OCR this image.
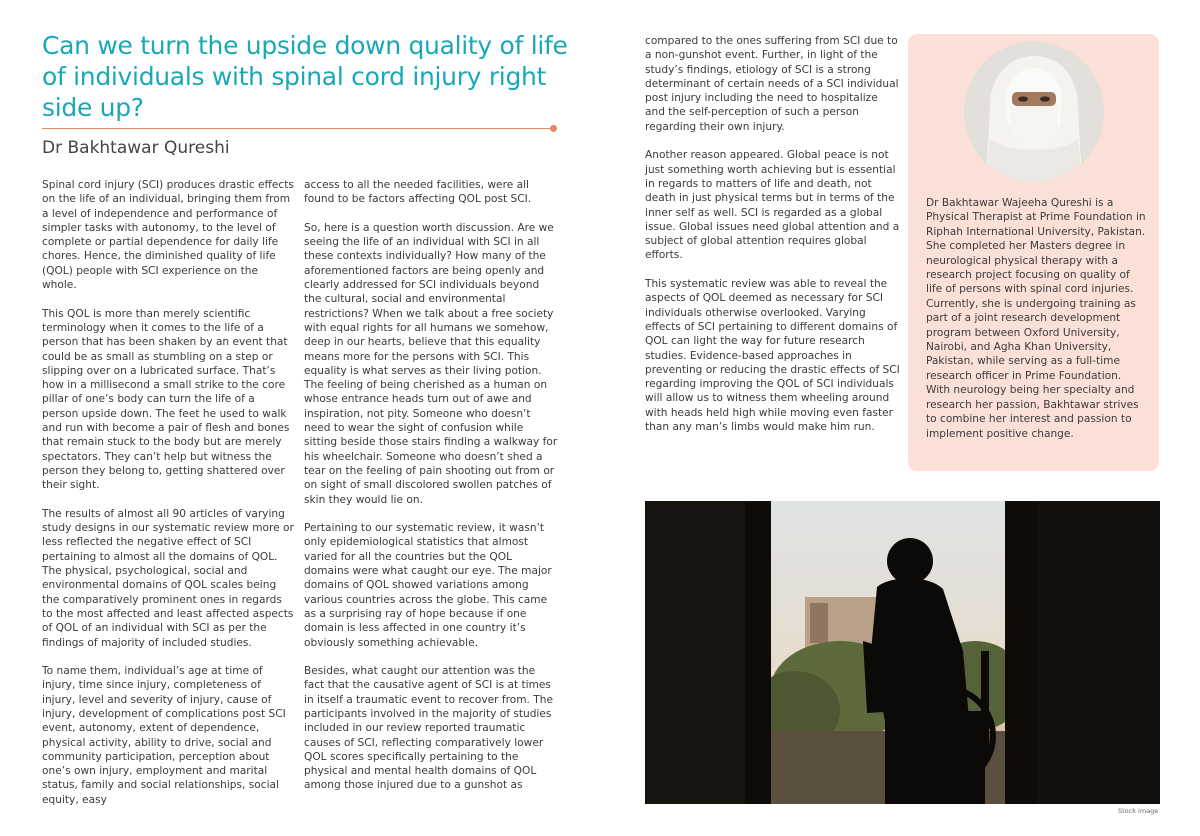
Can we turn the upside down quality of life of individuals with spinal cord injury right side up?
Dr Bakhtawar Qureshi

Spinal cord injury (SCI) produces drastic effects on the life of an individual, bringing them from a level of independence and performance of simpler tasks with autonomy, to the level of complete or partial dependence for daily life chores. Hence, the diminished quality of life (QOL) people with SCI experience on the whole.

This QOL is more than merely scientific terminology when it comes to the life of a person that has been shaken by an event that could be as small as stumbling on a step or slipping over on a lubricated surface. That’s how in a millisecond a small strike to the core pillar of one’s body can turn the life of a person upside down. The feet he used to walk and run with become a pair of flesh and bones that remain stuck to the body but are merely spectators. They can’t help but witness the person they belong to, getting shattered over their sight.

The results of almost all 90 articles of varying study designs in our systematic review more or less reflected the negative effect of SCI pertaining to almost all the domains of QOL. The physical, psychological, social and environmental domains of QOL scales being the comparatively prominent ones in regards to the most affected and least affected aspects of QOL of an individual with SCI as per the findings of majority of included studies.

To name them, individual’s age at time of injury, time since injury, completeness of injury, level and severity of injury, cause of injury, development of complications post SCI event, autonomy, extent of dependence, physical activity, ability to drive, social and community participation, perception about one’s own injury, employment and marital status, family and social relationships, social equity, easy

access to all the needed facilities, were all found to be factors affecting QOL post SCI.

So, here is a question worth discussion. Are we seeing the life of an individual with SCI in all these contexts individually? How many of the aforementioned factors are being openly and clearly addressed for SCI individuals beyond the cultural, social and environmental restrictions? When we talk about a free society with equal rights for all humans we somehow, deep in our hearts, believe that this equality means more for the persons with SCI. This equality is what serves as their living potion. The feeling of being cherished as a human on whose entrance heads turn out of awe and inspiration, not pity. Someone who doesn’t need to wear the sight of confusion while sitting beside those stairs finding a walkway for his wheelchair. Someone who doesn’t shed a tear on the feeling of pain shooting out from or on sight of small discolored swollen patches of skin they would lie on.

Pertaining to our systematic review, it wasn’t only epidemiological statistics that almost varied for all the countries but the QOL domains were what caught our eye. The major domains of QOL showed variations among various countries across the globe. This came as a surprising ray of hope because if one domain is less affected in one country it’s obviously something achievable.

Besides, what caught our attention was the fact that the causative agent of SCI is at times in itself a traumatic event to recover from. The participants involved in the majority of studies included in our review reported traumatic causes of SCI, reflecting comparatively lower QOL scores specifically pertaining to the physical and mental health domains of QOL among those injured due to a gunshot as

compared to the ones suffering from SCI due to a non-gunshot event. Further, in light of the study’s findings, etiology of SCI is a strong determinant of certain needs of a SCI individual post injury including the need to hospitalize and the self-perception of such a person regarding their own injury.

Another reason appeared. Global peace is not just something worth achieving but is essential in regards to matters of life and death, not death in just physical terms but in terms of the inner self as well. SCI is regarded as a global issue. Global issues need global attention and a subject of global attention requires global efforts.

This systematic review was able to reveal the aspects of QOL deemed as necessary for SCI individuals otherwise overlooked. Varying effects of SCI pertaining to different domains of QOL can light the way for future research studies. Evidence-based approaches in preventing or reducing the drastic effects of SCI regarding improving the QOL of SCI individuals will allow us to witness them wheeling around with heads held high while moving even faster than any man’s limbs would make him run.

Dr Bakhtawar Wajeeha Qureshi is a Physical Therapist at Prime Foundation in Riphah International University, Pakistan. She completed her Masters degree in neurological physical therapy with a research project focusing on quality of life of persons with spinal cord injuries. Currently, she is undergoing training as part of a joint research development program between Oxford University, Nairobi, and Agha Khan University, Pakistan, while serving as a full-time research officer in Prime Foundation. With neurology being her specialty and research her passion, Bakhtawar strives to combine her interest and passion to implement positive change.
Stock image
